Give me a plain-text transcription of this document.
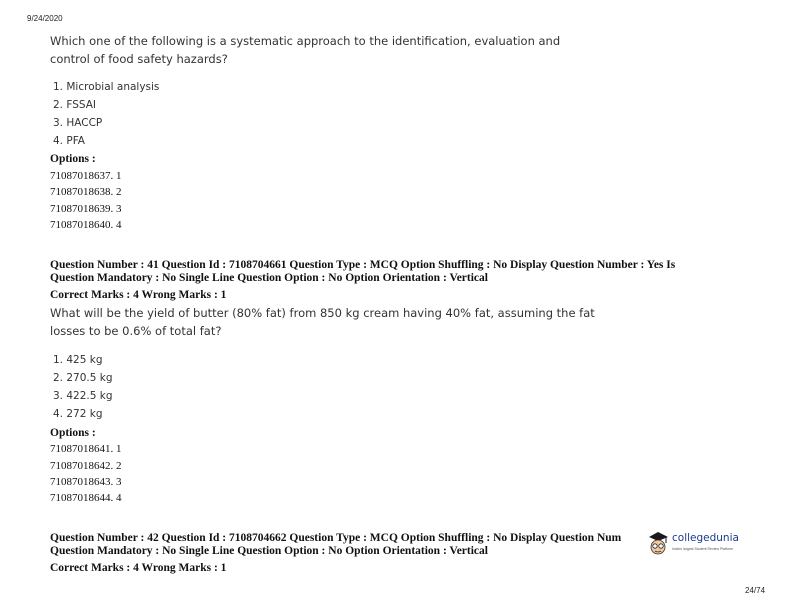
9/24/2020
Which one of the following is a systematic approach to the identification, evaluation and
control of food safety hazards?
1. Microbial analysis
2. FSSAI
3. HACCP
4. PFA
Options :
71087018637. 1
71087018638. 2
71087018639. 3
71087018640. 4
Question Number : 41 Question Id : 7108704661 Question Type : MCQ Option Shuffling : No Display Question Number : Yes Is
Question Mandatory : No Single Line Question Option : No Option Orientation : Vertical
Correct Marks : 4 Wrong Marks : 1
What will be the yield of butter (80% fat) from 850 kg cream having 40% fat, assuming the fat
losses to be 0.6% of total fat?
1. 425 kg
2. 270.5 kg
3. 422.5 kg
4. 272 kg
Options :
71087018641. 1
71087018642. 2
71087018643. 3
71087018644. 4
Question Number : 42 Question Id : 7108704662 Question Type : MCQ Option Shuffling : No Display Question Num
Question Mandatory : No Single Line Question Option : No Option Orientation : Vertical
Correct Marks : 4 Wrong Marks : 1
collegedunia
India's largest Student Review Platform
24/74
